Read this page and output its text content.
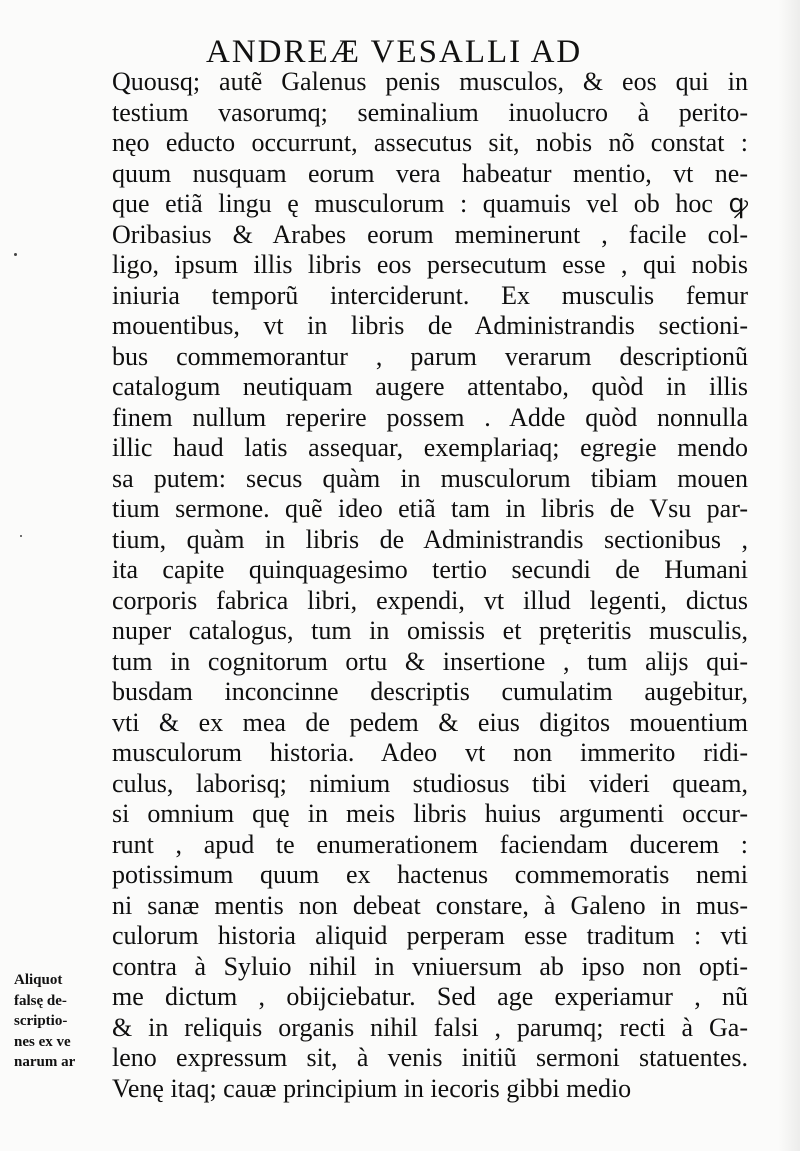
ANDREÆ VESALLI AD
Quousq; autẽ Galenus penis musculos, & eos qui in
testium vasorumq; seminalium inuolucro à perito-
nęo educto occurrunt, assecutus sit, nobis nõ constat :
quum nusquam eorum vera habeatur mentio, vt ne-
que etiã lingu ę musculorum : quamuis vel ob hoc ꝙ
Oribasius & Arabes eorum meminerunt , facile col-
ligo, ipsum illis libris eos persecutum esse , qui nobis
iniuria temporũ interciderunt. Ex musculis femur
mouentibus, vt in libris de Administrandis sectioni-
bus commemorantur , parum verarum descriptionũ
catalogum neutiquam augere attentabo, quòd in illis
finem nullum reperire possem . Adde quòd nonnulla
illic haud latis assequar, exemplariaq; egregie mendo
sa putem: secus quàm in musculorum tibiam mouen
tium sermone. quẽ ideo etiã tam in libris de Vsu par-
tium, quàm in libris de Administrandis sectionibus ,
ita capite quinquagesimo tertio secundi de Humani
corporis fabrica libri, expendi, vt illud legenti, dictus
nuper catalogus, tum in omissis et pręteritis musculis,
tum in cognitorum ortu & insertione , tum alijs qui-
busdam inconcinne descriptis cumulatim augebitur,
vti & ex mea de pedem & eius digitos mouentium
musculorum historia. Adeo vt non immerito ridi-
culus, laborisq; nimium studiosus tibi videri queam,
si omnium quę in meis libris huius argumenti occur-
runt , apud te enumerationem faciendam ducerem :
potissimum quum ex hactenus commemoratis nemi
ni sanæ mentis non debeat constare, à Galeno in mus-
culorum historia aliquid perperam esse traditum : vti
contra à Syluio nihil in vniuersum ab ipso non opti-
me dictum , obijciebatur. Sed age experiamur , nũ
& in reliquis organis nihil falsi , parumq; recti à Ga-
leno expressum sit, à venis initiũ sermoni statuentes.
Venę itaq; cauæ principium in iecoris gibbi medio
Aliquot
falsę de-
scriptio-
nes ex ve
narum ar
